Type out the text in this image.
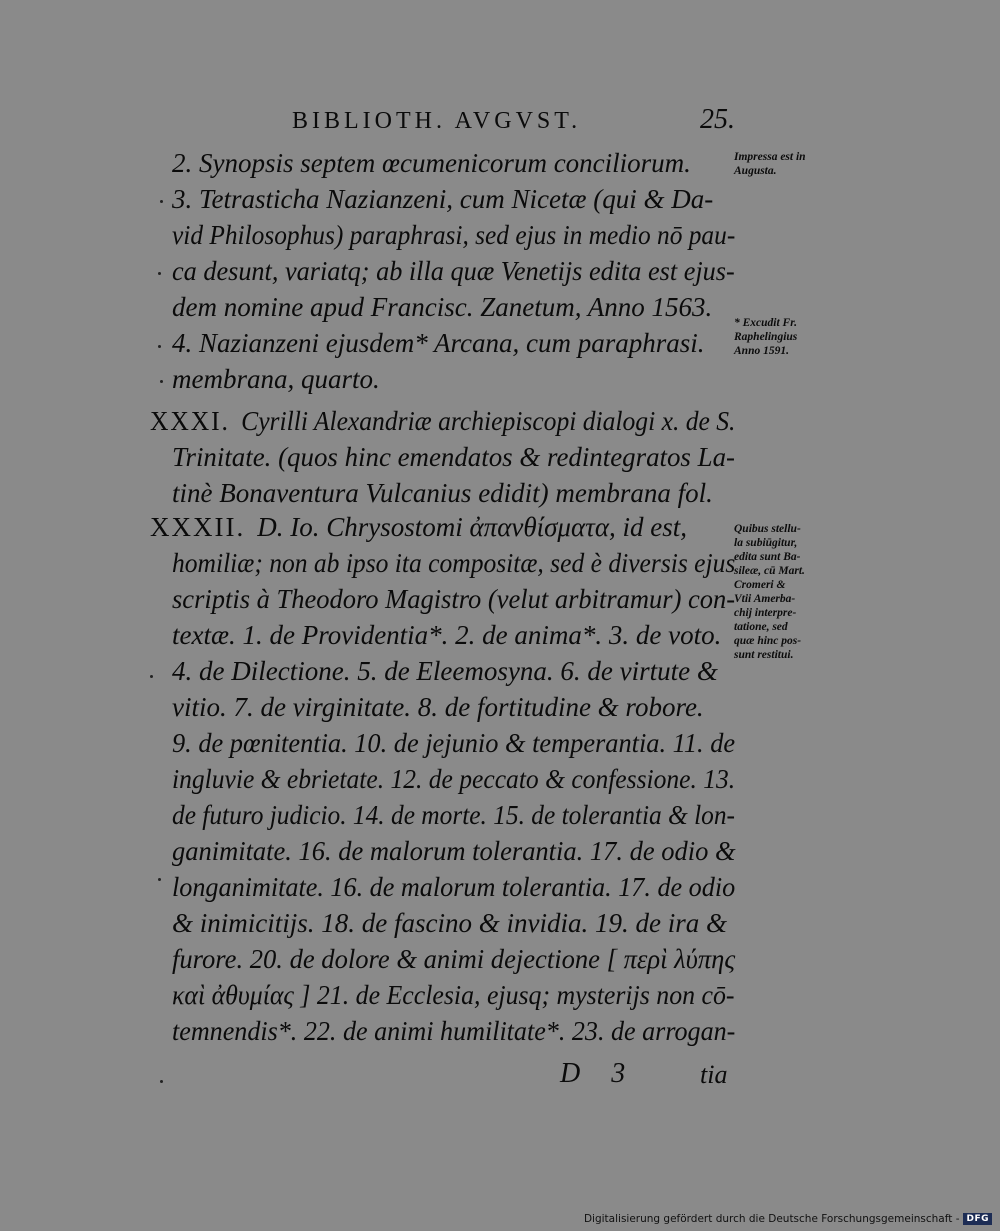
BIBLIOTH. AVGVST.	25.
2. Synopsis septem œcumenicorum conciliorum.
3. Tetrasticha Nazianzeni, cum Nicetæ (qui & Da-
vid Philosophus) paraphrasi, sed ejus in medio nō pau-
ca desunt, variatq; ab illa quæ Venetijs edita est ejus-
dem nomine apud Francisc. Zanetum, Anno 1563.
4. Nazianzeni ejusdem* Arcana, cum paraphrasi.
membrana, quarto.
XXXI. Cyrilli Alexandriæ archiepiscopi dialogi x. de S.
Trinitate. (quos hinc emendatos & redintegratos La-
tinè Bonaventura Vulcanius edidit) membrana fol.
XXXII. D. Io. Chrysostomi ἀπανθίσματα, id est,
homiliæ; non ab ipso ita compositæ, sed è diversis ejus
scriptis à Theodoro Magistro (velut arbitramur) con-
textæ. 1. de Providentia*. 2. de anima*. 3. de voto.
4. de Dilectione. 5. de Eleemosyna. 6. de virtute &
vitio. 7. de virginitate. 8. de fortitudine & robore.
9. de pœnitentia. 10. de jejunio & temperantia. 11. de
ingluvie & ebrietate. 12. de peccato & confessione. 13.
de futuro judicio. 14. de morte. 15. de tolerantia & lon-
ganimitate. 16. de malorum tolerantia. 17. de odio &
longanimitate. 16. de malorum tolerantia. 17. de odio
& inimicitijs. 18. de fascino & invidia. 19. de ira &
furore. 20. de dolore & animi dejectione [ περὶ λύπης
καὶ ἀθυμίας ] 21. de Ecclesia, ejusq; mysterijs non cō-
temnendis*. 22. de animi humilitate*. 23. de arrogan-
Impressa est in
Augusta.
* Excudit Fr.
Raphelingius
Anno 1591.
Quibus stellu-
la subiūgitur,
edita sunt Ba-
sileæ, cū Mart.
Cromeri &
Vtii Amerba-
chij interpre-
tatione, sed
quæ hinc pos-
sunt restitui.
D 3	tia
Digitalisierung gefördert durch die Deutsche Forschungsgemeinschaft - DFG
